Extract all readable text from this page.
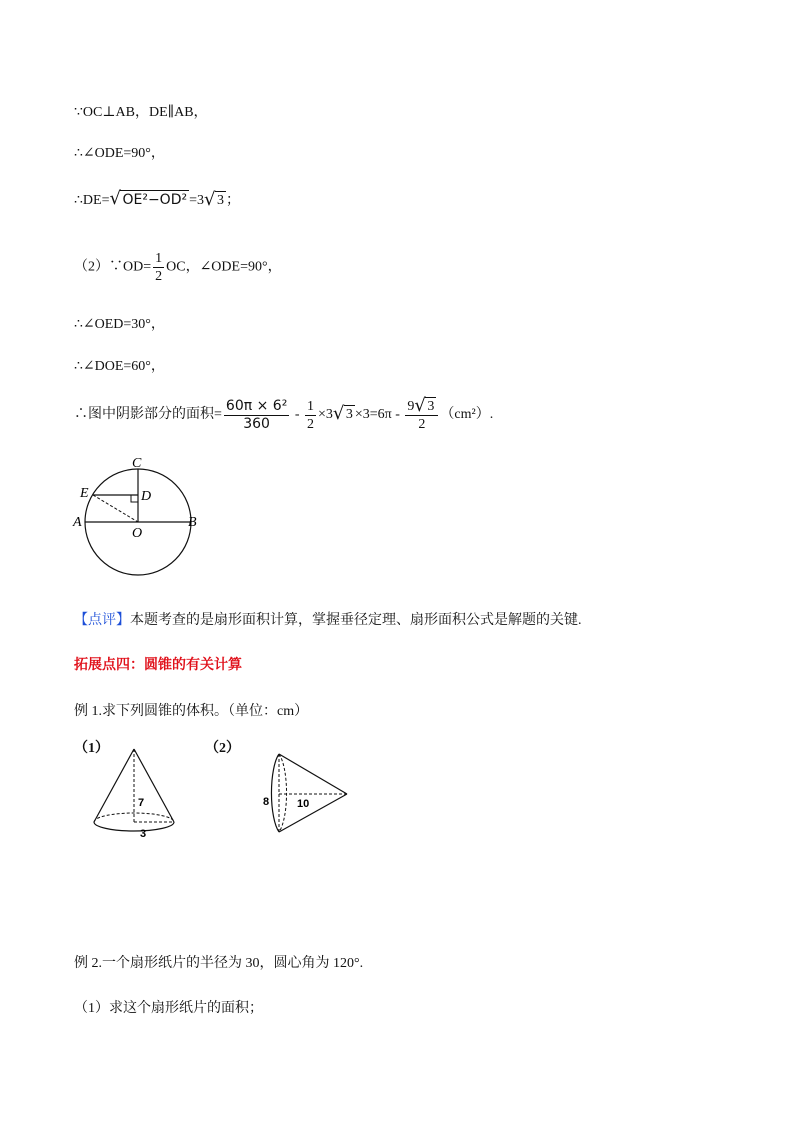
∵OC⊥AB，DE∥AB，
∴∠ODE=90°，
∴DE= √ OE²−OD² =3 √ 3 ；
（2）∵OD= $\frac{1}{2}$ OC，∠ODE=90°，
∴∠OED=30°，
∴∠DOE=60°，
∴图中阴影部分的面积= $\frac{\text{60π × 6²}}{360} - \frac{1}{2} \times 3$ √ $3 \times 3=6\pi - \frac{9 √ 3}{2} (cm^2)$.
C
E	D
A
O
B
【点评】本题考查的是扇形面积计算，掌握垂径定理、扇形面积公式是解题的关键.
拓展点四：圆锥的有关计算
例 1.求下列圆锥的体积。（单位：cm）
（1）	（2）
7
3
8	10
例 2.一个扇形纸片的半径为 30，圆心角为 120°.
（1）求这个扇形纸片的面积；
